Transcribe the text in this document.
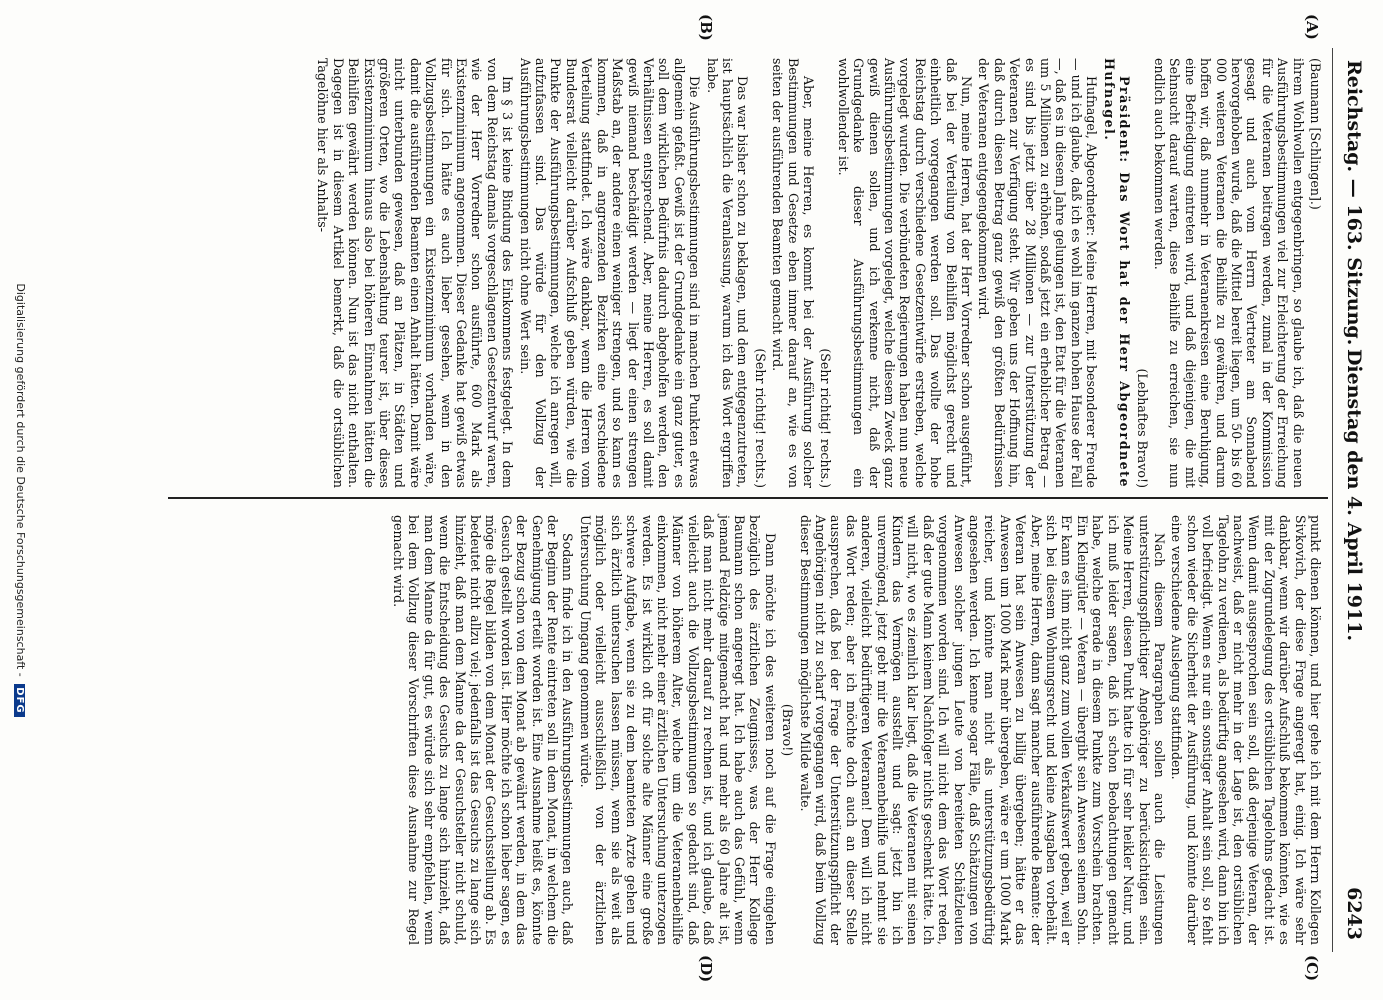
Reichstag. — 163. Sitzung.
Dienstag den 4. April 1911.
6243
(A)
(B)
(C)
(D)

(Baumann [Schlingen].)

ihrem Wohlwollen entgegenbringen, so glaube ich, daß die neuen Ausführungsbestimmungen viel zur Erleichterung der Erreichung für die Veteranen beitragen werden, zumal in der Kommission gesagt und auch vom Herrn Vertreter am Sonnabend hervorgehoben wurde, daß die Mittel bereit liegen, um 50- bis 60 000 weiteren Veteranen die Beihilfe zu gewähren, und darum hoffen wir, daß nunmehr in Veteranenkreisen eine Beruhigung, eine Befriedigung eintreten wird, und daß diejenigen, die mit Sehnsucht darauf warten, diese Beihilfe zu erreichen, sie nun endlich auch bekommen werden.

(Lebhaftes Bravo!)

Präsident: Das Wort hat der Herr Abgeordnete Hufnagel.

Hufnagel, Abgeordneter: Meine Herren, mit besonderer Freude — und ich glaube, daß ich es wohl im ganzen hohen Hause der Fall —, daß es in diesem Jahre gelungen ist, den Etat für die Veteranen um 5 Millionen zu erhöhen, sodaß jetzt ein erheblicher Betrag — es sind bis jetzt über 28 Millionen — zur Unterstützung der Veteranen zur Verfügung steht. Wir geben uns der Hoffnung hin, daß durch diesen Betrag ganz gewiß den größten Bedürfnissen der Veteranen entgegengekommen wird.

Nun, meine Herren, hat der Herr Vorredner schon ausgeführt, daß bei der Verteilung von Beihilfen möglichst gerecht und einheitlich vorgegangen werden soll. Das wollte der hohe Reichstag durch verschiedene Gesetzentwürfe erstreben, welche vorgelegt wurden. Die verbündeten Regierungen haben nun neue Ausführungsbestimmungen vorgelegt, welche diesem Zweck ganz gewiß dienen sollen, und ich verkenne nicht, daß der Grundgedanke dieser Ausführungsbestimmungen ein wohlwollender ist.

(Sehr richtig! rechts.)

Aber, meine Herren, es kommt bei der Ausführung solcher Bestimmungen und Gesetze eben immer darauf an, wie es von seiten der ausführenden Beamten gemacht wird.

(Sehr richtig! rechts.)

Das war bisher schon zu beklagen, und dem entgegenzutreten, ist hauptsächlich die Veranlassung, warum ich das Wort ergriffen habe.

Die Ausführungsbestimmungen sind in manchen Punkten etwas allgemein gefaßt. Gewiß ist der Grundgedanke ein ganz guter, es soll dem wirklichen Bedürfnis dadurch abgeholfen werden, den Verhältnissen entsprechend. Aber, meine Herren, es soll damit gewiß niemand beschädigt werden — liegt der einen strengen Maßstab an, der andere einen weniger strengen, und so kann es kommen, daß in angrenzenden Bezirken eine verschiedene Verteilung stattfindet. Ich wäre dankbar, wenn die Herren vom Bundesrat vielleicht darüber Aufschluß geben würden, wie die Punkte der Ausführungsbestimmungen, welche ich anregen will, aufzufassen sind. Das würde für den Vollzug der Ausführungsbestimmungen nicht ohne Wert sein.

Im § 3 ist keine Bindung des Einkommens festgelegt. In dem von dem Reichstag damals vorgeschlagenen Gesetzentwurf waren, wie der Herr Vorredner schon ausführte, 600 Mark als Existenzminimum angenommen. Dieser Gedanke hat gewiß etwas für sich. Ich hätte es auch lieber gesehen, wenn in den Vollzugsbestimmungen ein Existenzminimum vorhanden wäre, damit die ausführenden Beamten einen Anhalt hätten. Damit wäre nicht unterbunden gewesen, daß an Plätzen, in Städten und größeren Orten, wo die Lebenshaltung teurer ist, über dieses Existenzminimum hinaus also bei höheren Einnahmen hätten die Beihilfen gewährt werden können. Nun ist das nicht enthalten. Dagegen ist in diesem Artikel bemerkt, daß die ortsüblichen Tagelöhne hier als Anhalts-

punkt dienen können, und hier gehe ich mit dem Herrn Kollegen Sivkovich, der diese Frage angeregt hat, einig. Ich wäre sehr dankbar, wenn wir darüber Aufschluß bekommen könnten, wie es mit der Zugrundelegung des ortsüblichen Tagelohns gedacht ist. Wenn damit ausgesprochen sein soll, daß derjenige Veteran, der nachweist, daß er nicht mehr in der Lage ist, den ortsüblichen Tagelohn zu verdienen, als bedürftig angesehen wird, dann bin ich voll befriedigt. Wenn es nur ein sonstiger Anhalt sein soll, so fehlt schon wieder die Sicherheit der Ausführung, und könnte darüber eine verschiedene Auslegung stattfinden.

Nach diesem Paragraphen sollen auch die Leistungen unterstützungspflichtiger Angehöriger zu berücksichtigen sein. Meine Herren, diesen Punkt hatte ich für sehr heikler Natur, und ich muß leider sagen, daß ich schon Beobachtungen gemacht habe, welche gerade in diesem Punkte zum Vorschein brachten. Ein Kleingütler — Veteran — übergibt sein Anwesen seinem Sohn. Er kann es ihm nicht ganz zum vollen Verkaufswert geben, weil er sich bei diesem Wohnungsrecht und kleine Ausgaben vorbehält. Aber, meine Herren, dann sagt mancher ausführende Beamte: der Veteran hat sein Anwesen zu billig übergeben; hätte er das Anwesen um 1000 Mark mehr übergeben, wäre er um 1000 Mark reicher, und könnte man nicht als unterstützungsbedürftig angesehen werden. Ich kenne sogar Fälle, daß Schätzungen von Anwesen solcher jungen Leute von bereiteten Schätzleuten vorgenommen worden sind. Ich will nicht dem das Wort reden, daß der gute Mann keinem Nachfolger nichts geschenkt hätte. Ich will nicht, wo es ziemlich klar liegt, daß die Veteranen mit seinen Kindern das Vermögen ausstellt und sagt: jetzt bin ich unvermögend, jetzt gebt mir die Veteranenbeihilfe und nehmt sie anderen, vielleicht bedürftigeren Veteranen! Dem will ich nicht das Wort reden; aber ich möchte doch auch an dieser Stelle aussprechen, daß bei der Frage der Unterstützungspflicht der Angehörigen nicht zu scharf vorgegangen wird, daß beim Vollzug dieser Bestimmungen möglichste Milde walte.

(Bravo!)

Dann möchte ich des weiteren noch auf die Frage eingehen bezüglich des ärztlichen Zeugnisses, was der Herr Kollege Baumann schon angeregt hat. Ich habe auch das Gefühl, wenn jemand Feldzüge mitgemacht hat und mehr als 60 Jahre alt ist, daß man nicht mehr darauf zu rechnen ist, und ich glaube, daß vielleicht auch die Vollzugsbestimmungen so gedacht sind, daß Männer von höherem Alter, welche um die Veteranenbeihilfe einkommen, nicht mehr einer ärztlichen Untersuchung unterzogen werden. Es ist wirklich oft für solche alte Männer eine große schwere Aufgabe, wenn sie zu dem beamteten Arzte gehen und sich ärztlich untersuchen lassen müssen, wenn sie als weit als möglich oder vielleicht ausschließlich von der ärztlichen Untersuchung Umgang genommen würde.

Sodann finde ich in den Ausführungsbestimmungen auch, daß der Beginn der Rente eintreten soll in dem Monat, in welchem die Genehmigung erteilt worden ist. Eine Ausnahme heißt es, könnte der Bezug schon von dem Monat ab gewährt werden, in dem das Gesuch gestellt worden ist. Hier möchte ich schon lieber sagen, es möge die Regel bilden von dem Monat der Gesuchsstellung ab. Es bedeutet nicht allzu viel; jedenfalls ist das Gesuchs zu lange sich hinzieht, daß man dem Manne da der Gesuchsteller nicht schuld, wenn die Entscheidung des Gesuchs zu lange sich hinzieht, daß man dem Manne da für gut, es würde sich sehr empfehlen, wenn bei dem Vollzug dieser Vorschriften diese Ausnahme zur Regel gemacht wird.

Digitalisierung gefördert durch die Deutsche Forschungsgemeinschaft - DFG
